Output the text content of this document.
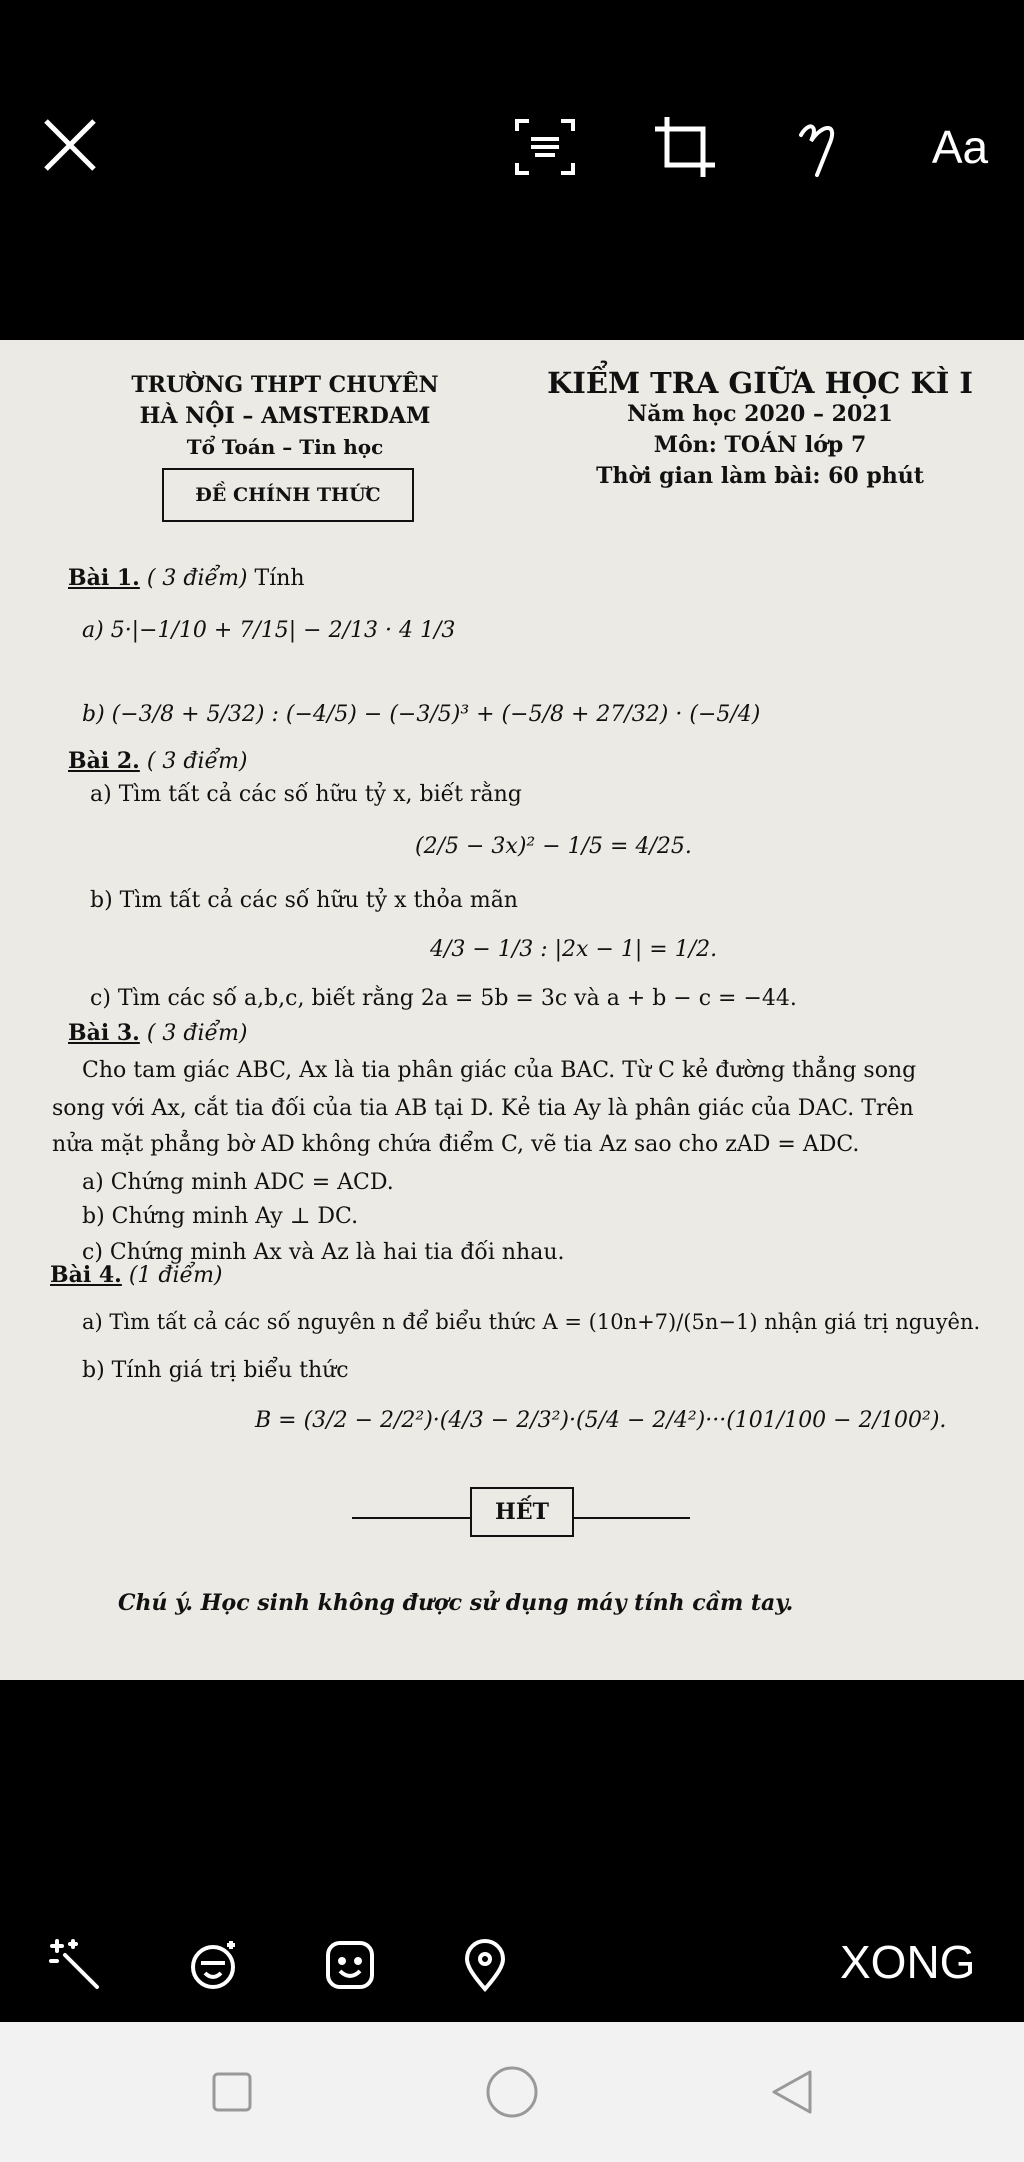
Aa
TRƯỜNG THPT CHUYÊN
HÀ NỘI – AMSTERDAM
Tổ Toán – Tin học
ĐỀ CHÍNH THỨC
KIỂM TRA GIỮA HỌC KÌ I
Năm học 2020 – 2021
Môn: TOÁN lớp 7
Thời gian làm bài: 60 phút
Bài 1. ( 3 điểm) Tính
a) 5·|−1/10 + 7/15| − 2/13 · 4 1/3
b) (−3/8 + 5/32) : (−4/5) − (−3/5)³ + (−5/8 + 27/32) · (−5/4)
Bài 2. ( 3 điểm)
a) Tìm tất cả các số hữu tỷ x, biết rằng
(2/5 − 3x)² − 1/5 = 4/25.
b) Tìm tất cả các số hữu tỷ x thỏa mãn
4/3 − 1/3 : |2x − 1| = 1/2.
c) Tìm các số a,b,c, biết rằng 2a = 5b = 3c và a + b − c = −44.
Bài 3. ( 3 điểm)
Cho tam giác ABC, Ax là tia phân giác của BAC. Từ C kẻ đường thẳng song
song với Ax, cắt tia đối của tia AB tại D. Kẻ tia Ay là phân giác của DAC. Trên
nửa mặt phẳng bờ AD không chứa điểm C, vẽ tia Az sao cho zAD = ADC.
a) Chứng minh ADC = ACD.
b) Chứng minh Ay ⊥ DC.
c) Chứng minh Ax và Az là hai tia đối nhau.
Bài 4. (1 điểm)
a) Tìm tất cả các số nguyên n để biểu thức A = (10n+7)/(5n−1) nhận giá trị nguyên.
b) Tính giá trị biểu thức
B = (3/2 − 2/2²)·(4/3 − 2/3²)·(5/4 − 2/4²)···(101/100 − 2/100²).
HẾT
Chú ý. Học sinh không được sử dụng máy tính cầm tay.
XONG
